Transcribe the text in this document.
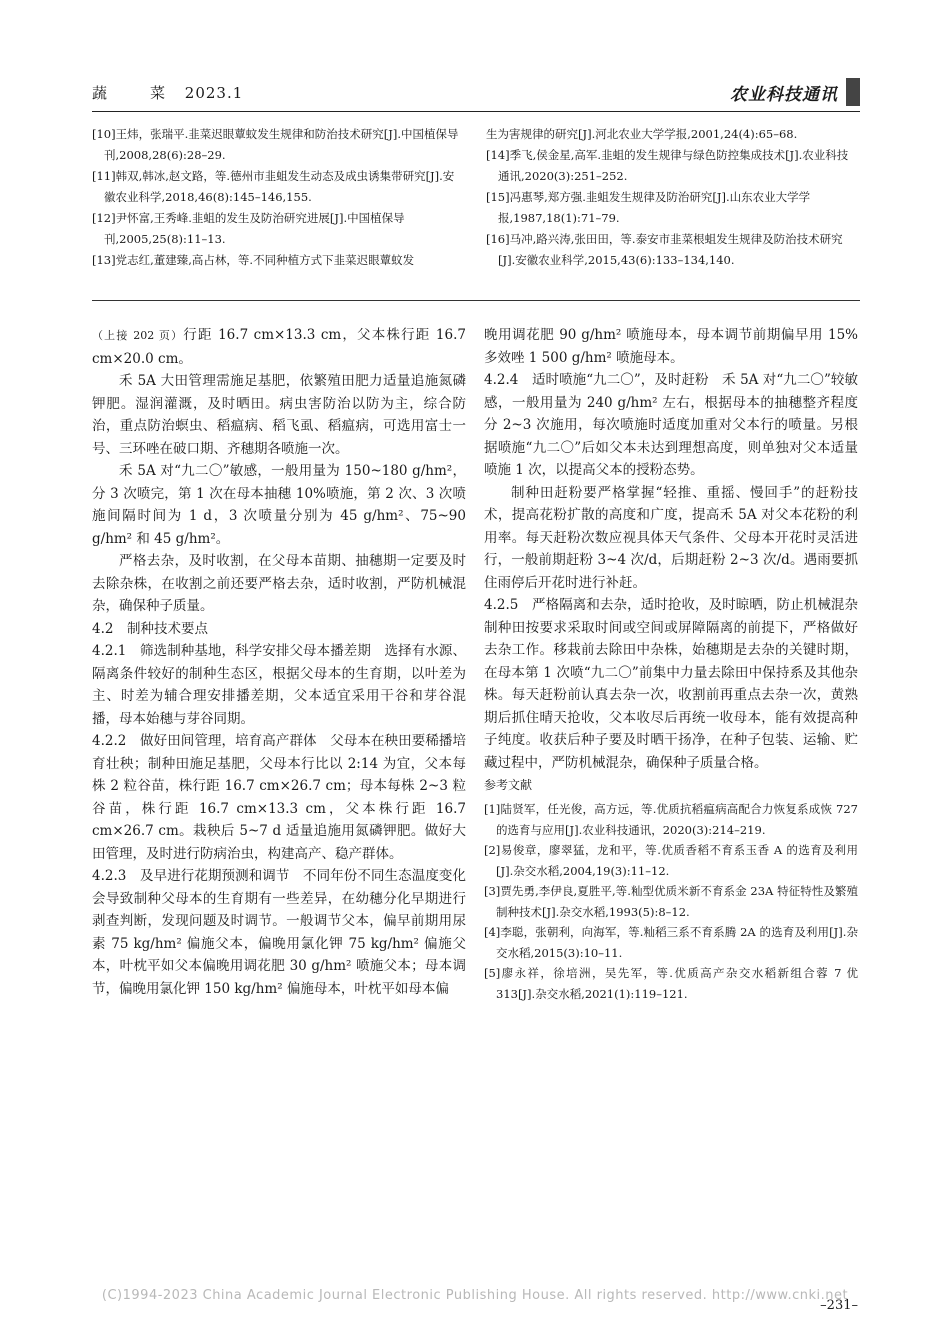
蔬　菜 2023.1	农业科技通讯
[10]王炜，张瑞平.韭菜迟眼蕈蚊发生规律和防治技术研究[J].中国植保导刊,2008,28(6):28–29.
[11]韩双,韩冰,赵文路，等.德州市韭蛆发生动态及成虫诱集带研究[J].安徽农业科学,2018,46(8):145–146,155.
[12]尹怀富,王秀峰.韭蛆的发生及防治研究进展[J].中国植保导刊,2005,25(8):11–13.
[13]党志红,董建臻,高占林，等.不同种植方式下韭菜迟眼蕈蚊发
生为害规律的研究[J].河北农业大学学报,2001,24(4):65–68.
[14]季飞,侯金星,高军.韭蛆的发生规律与绿色防控集成技术[J].农业科技通讯,2020(3):251–252.
[15]冯惠琴,郑方强.韭蛆发生规律及防治研究[J].山东农业大学学报,1987,18(1):71–79.
[16]马冲,路兴涛,张田田，等.泰安市韭菜根蛆发生规律及防治技术研究[J].安徽农业科学,2015,43(6):133–134,140.

（上接 202 页）行距 16.7 cm×13.3 cm，父本株行距 16.7 cm×20.0 cm。

禾 5A 大田管理需施足基肥，依繁殖田肥力适量追施氮磷钾肥。湿润灌溉，及时晒田。病虫害防治以防为主，综合防治，重点防治螟虫、稻瘟病、稻飞虱、稻瘟病，可选用富士一号、三环唑在破口期、齐穗期各喷施一次。

禾 5A 对“九二〇”敏感，一般用量为 150~180 g/hm²，分 3 次喷完，第 1 次在母本抽穗 10%喷施，第 2 次、3 次喷施间隔时间为 1 d，3 次喷量分别为 45 g/hm²、75~90 g/hm² 和 45 g/hm²。

严格去杂，及时收割，在父母本苗期、抽穗期一定要及时去除杂株，在收割之前还要严格去杂，适时收割，严防机械混杂，确保种子质量。

4.2　制种技术要点

4.2.1　筛选制种基地，科学安排父母本播差期　选择有水源、隔离条件较好的制种生态区，根据父母本的生育期，以叶差为主、时差为辅合理安排播差期，父本适宜采用干谷和芽谷混播，母本始穗与芽谷同期。

4.2.2　做好田间管理，培育高产群体　父母本在秧田要稀播培育壮秧；制种田施足基肥，父母本行比以 2:14 为宜，父本每株 2 粒谷苗，株行距 16.7 cm×26.7 cm；母本每株 2~3 粒谷苗，株行距 16.7 cm×13.3 cm，父本株行距 16.7 cm×26.7 cm。栽秧后 5~7 d 适量追施用氮磷钾肥。做好大田管理，及时进行防病治虫，构建高产、稳产群体。

4.2.3　及早进行花期预测和调节　不同年份不同生态温度变化会导致制种父母本的生育期有一些差异，在幼穗分化早期进行剥查判断，发现问题及时调节。一般调节父本，偏早前期用尿素 75 kg/hm² 偏施父本，偏晚用氯化钾 75 kg/hm² 偏施父本，叶枕平如父本偏晚用调花肥 30 g/hm² 喷施父本；母本调节，偏晚用氯化钾 150 kg/hm² 偏施母本，叶枕平如母本偏

晚用调花肥 90 g/hm² 喷施母本，母本调节前期偏早用 15%多效唑 1 500 g/hm² 喷施母本。

4.2.4　适时喷施“九二〇”，及时赶粉　禾 5A 对“九二〇”较敏感，一般用量为 240 g/hm² 左右，根据母本的抽穗整齐程度分 2~3 次施用，每次喷施时适度加重对父本行的喷量。另根据喷施“九二〇”后如父本未达到理想高度，则单独对父本适量喷施 1 次，以提高父本的授粉态势。

制种田赶粉要严格掌握“轻推、重摇、慢回手”的赶粉技术，提高花粉扩散的高度和广度，提高禾 5A 对父本花粉的利用率。每天赶粉次数应视具体天气条件、父母本开花时灵活进行，一般前期赶粉 3~4 次/d，后期赶粉 2~3 次/d。遇雨要抓住雨停后开花时进行补赶。

4.2.5　严格隔离和去杂，适时抢收，及时晾晒，防止机械混杂　制种田按要求采取时间或空间或屏障隔离的前提下，严格做好去杂工作。移栽前去除田中杂株，始穗期是去杂的关键时期，在母本第 1 次喷“九二〇”前集中力量去除田中保持系及其他杂株。每天赶粉前认真去杂一次，收割前再重点去杂一次，黄熟期后抓住晴天抢收，父本收尽后再统一收母本，能有效提高种子纯度。收获后种子要及时晒干扬净，在种子包装、运输、贮藏过程中，严防机械混杂，确保种子质量合格。

参考文献
[1]陆贤军，任光俊，高方远，等.优质抗稻瘟病高配合力恢复系成恢 727 的选育与应用[J].农业科技通讯，2020(3):214–219.
[2]易俊章，廖翠猛，龙和平，等.优质香稻不育系玉香 A 的选育及利用[J].杂交水稻,2004,19(3):11–12.
[3]贾先勇,李伊良,夏胜平,等.籼型优质米新不育系金 23A 特征特性及繁殖制种技术[J].杂交水稻,1993(5):8–12.
[4]李聪，张朝利，向海军，等.籼稻三系不育系腾 2A 的选育及利用[J].杂交水稻,2015(3):10–11.
[5]廖永祥，徐培洲，吴先军，等.优质高产杂交水稻新组合蓉 7 优 313[J].杂交水稻,2021(1):119–121.
–231–
(C)1994-2023 China Academic Journal Electronic Publishing House. All rights reserved. http://www.cnki.net
